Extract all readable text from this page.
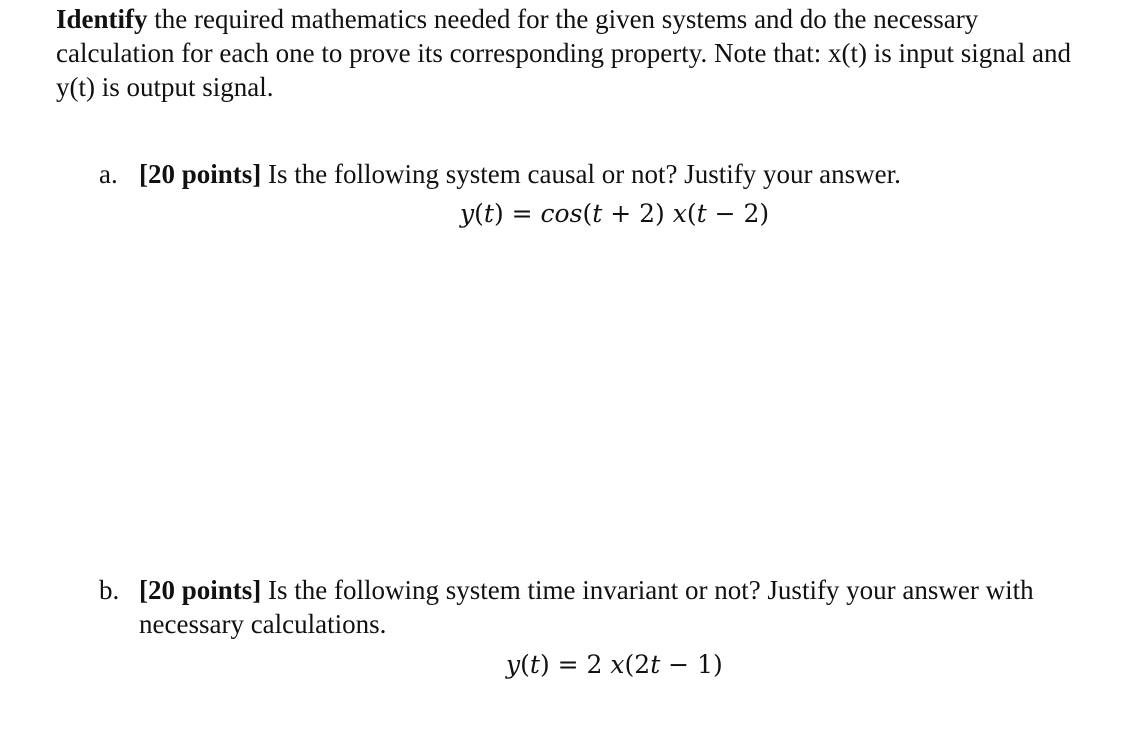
Identify the required mathematics needed for the given systems and do the necessary calculation for each one to prove its corresponding property. Note that: x(t) is input signal and y(t) is output signal.

a. [20 points] Is the following system causal or not? Justify your answer.
y(t) = cos(t + 2) x(t − 2)
b. [20 points] Is the following system time invariant or not? Justify your answer with necessary calculations.
y(t) = 2 x(2t − 1)
